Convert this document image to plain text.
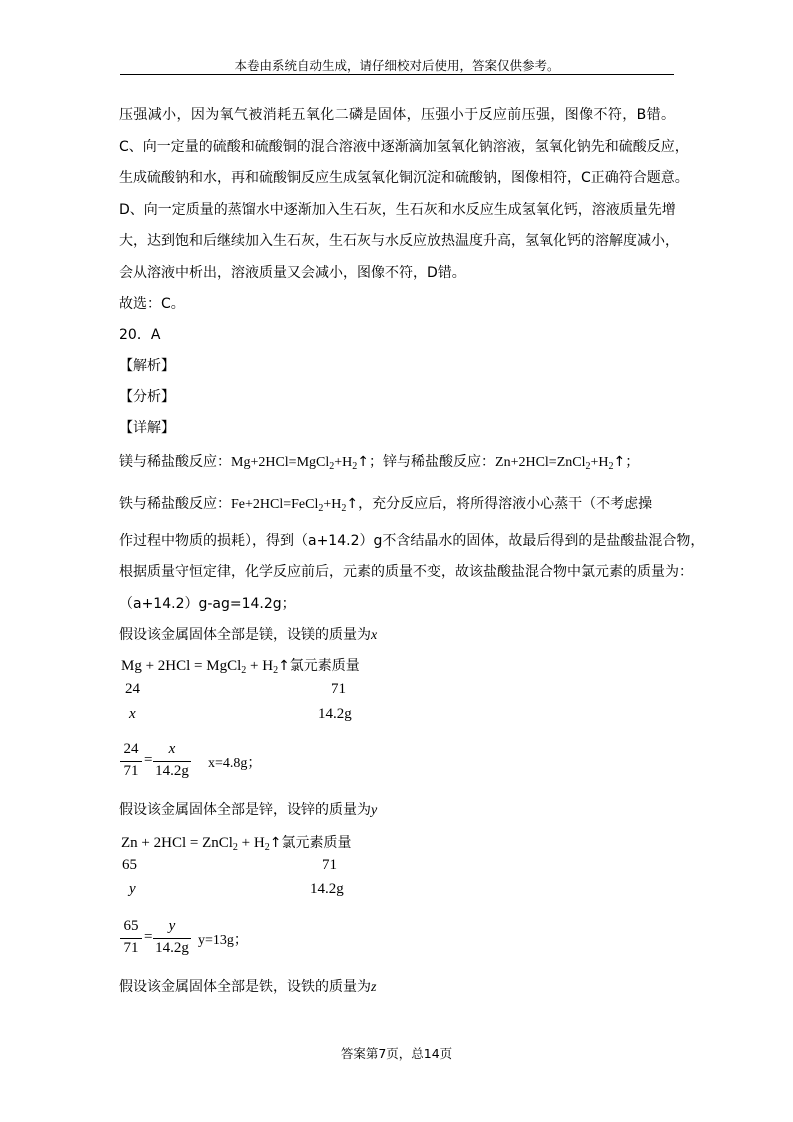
本卷由系统自动生成，请仔细校对后使用，答案仅供参考。
压强减小，因为氧气被消耗五氧化二磷是固体，压强小于反应前压强，图像不符，B错。
C、向一定量的硫酸和硫酸铜的混合溶液中逐渐滴加氢氧化钠溶液，氢氧化钠先和硫酸反应，
生成硫酸钠和水，再和硫酸铜反应生成氢氧化铜沉淀和硫酸钠，图像相符，C正确符合题意。
D、向一定质量的蒸馏水中逐渐加入生石灰，生石灰和水反应生成氢氧化钙，溶液质量先增
大，达到饱和后继续加入生石灰，生石灰与水反应放热温度升高，氢氧化钙的溶解度减小，
会从溶液中析出，溶液质量又会减小，图像不符，D错。
故选：C。
20．A
【解析】
【分析】
【详解】
镁与稀盐酸反应：$Mg+2HCl=MgCl_2+H_2↑$；锌与稀盐酸反应：$Zn+2HCl=ZnCl_2+H_2↑$；
铁与稀盐酸反应：$Fe+2HCl=FeCl_2+H_2↑$，充分反应后，将所得溶液小心蒸干（不考虑操
作过程中物质的损耗），得到（a+14.2）g不含结晶水的固体，故最后得到的是盐酸盐混合物，
根据质量守恒定律，化学反应前后，元素的质量不变，故该盐酸盐混合物中氯元素的质量为：
（a+14.2）g-ag=14.2g；
假设该金属固体全部是镁，设镁的质量为x
Mg + 2HCl = MgCl$_2$ + $H_2↑$氯元素质量
24	71
x	14.2g
24
71
=
x
14.2g x=4.8g；
假设该金属固体全部是锌，设锌的质量为y
Zn + 2HCl = ZnCl$_2$ + $H_2↑$氯元素质量
65	71
y	14.2g
65
71
=
y
14.2g y=13g；
假设该金属固体全部是铁，设铁的质量为z
答案第7页，总14页
